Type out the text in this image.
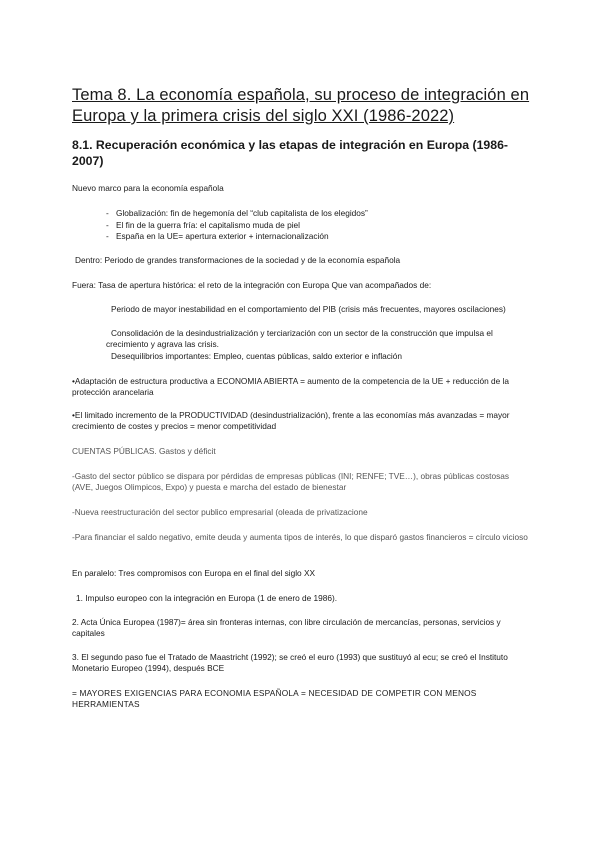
Tema 8. La economía española, su proceso de integración en Europa y la primera crisis del siglo XXI (1986-2022)
8.1. Recuperación económica y las etapas de integración en Europa (1986-2007)

Nuevo marco para la economía española

- Globalización: fin de hegemonía del “club capitalista de los elegidos”

- El fin de la guerra fría: el capitalismo muda de piel

- España en la UE= apertura exterior + internacionalización

Dentro: Periodo de grandes transformaciones de la sociedad y de la economía española

Fuera: Tasa de apertura histórica: el reto de la integración con Europa Que van acompañados de:

Periodo de mayor inestabilidad en el comportamiento del PIB (crisis más frecuentes, mayores oscilaciones)

Consolidación de la desindustrialización y terciarización con un sector de la construcción que impulsa el crecimiento y agrava las crisis.

Desequilibrios importantes: Empleo, cuentas públicas, saldo exterior e inflación

•Adaptación de estructura productiva a ECONOMIA ABIERTA = aumento de la competencia de la UE + reducción de la protección arancelaria

•El limitado incremento de la PRODUCTIVIDAD (desindustrialización), frente a las economías más avanzadas = mayor crecimiento de costes y precios = menor competitividad

CUENTAS PÚBLICAS. Gastos y déficit

-Gasto del sector público se dispara por pérdidas de empresas públicas (INI; RENFE; TVE…), obras públicas costosas (AVE, Juegos Olimpicos, Expo) y puesta e marcha del estado de bienestar

-Nueva reestructuración del sector publico empresarial (oleada de privatizacione

-Para financiar el saldo negativo, emite deuda y aumenta tipos de interés, lo que disparó gastos financieros = círculo vicioso

En paralelo: Tres compromisos con Europa en el final del siglo XX

1. Impulso europeo con la integración en Europa (1 de enero de 1986).

2. Acta Única Europea (1987)= área sin fronteras internas, con libre circulación de mercancías, personas, servicios y capitales

3. El segundo paso fue el Tratado de Maastricht (1992); se creó el euro (1993) que sustituyó al ecu; se creó el Instituto Monetario Europeo (1994), después BCE

= MAYORES EXIGENCIAS PARA ECONOMIA ESPAÑOLA = NECESIDAD DE COMPETIR CON MENOS HERRAMIENTAS
